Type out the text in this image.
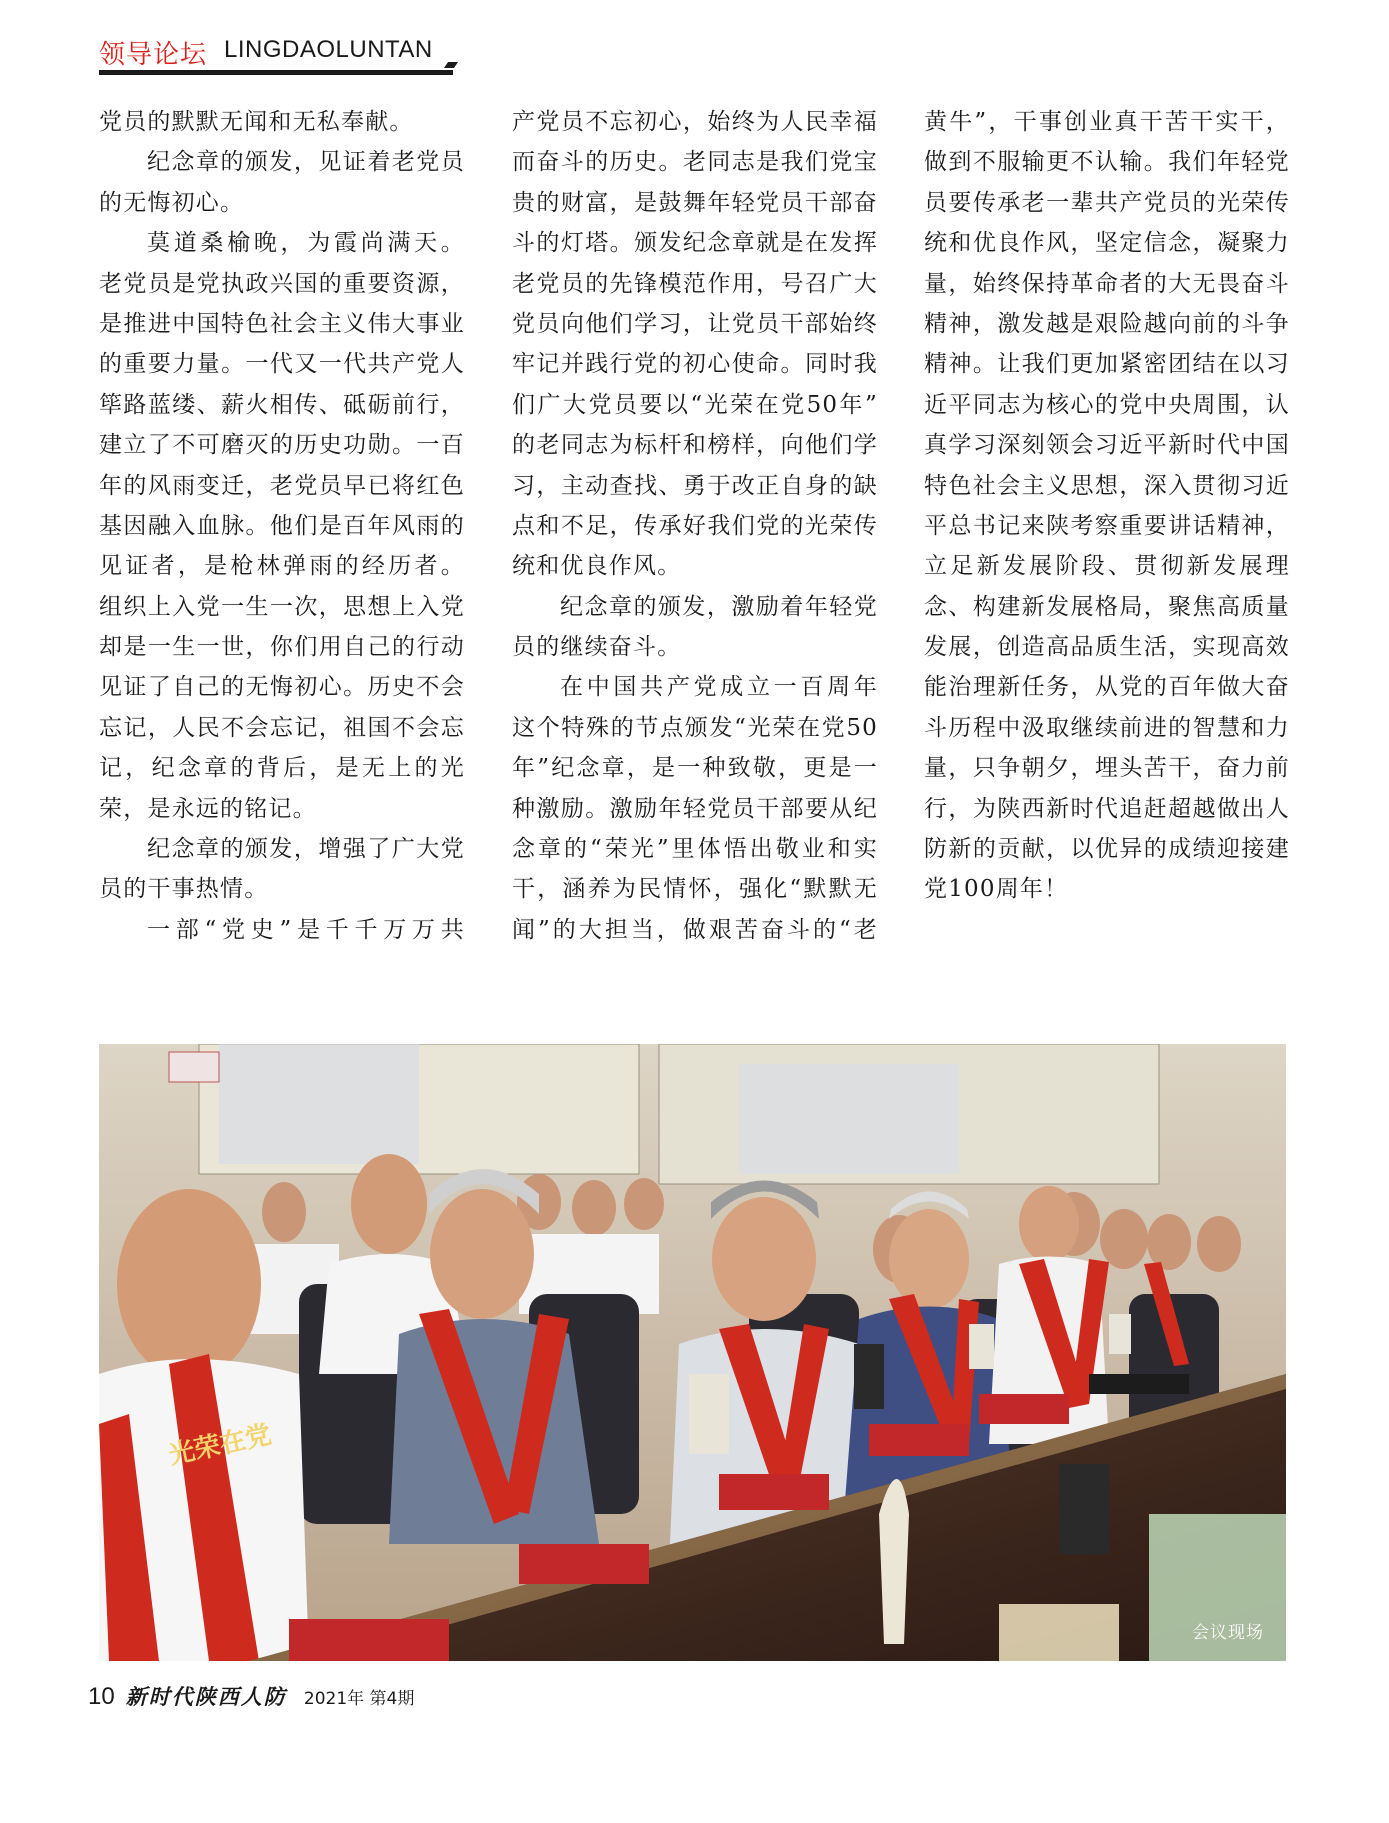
领导论坛 LINGDAOLUNTAN
党员的默默无闻和无私奉献。
纪念章的颁发，见证着老党员
的无悔初心。
莫道桑榆晚，为霞尚满天。
老党员是党执政兴国的重要资源，
是推进中国特色社会主义伟大事业
的重要力量。一代又一代共产党人
筚路蓝缕、薪火相传、砥砺前行，
建立了不可磨灭的历史功勋。一百
年的风雨变迁，老党员早已将红色
基因融入血脉。他们是百年风雨的
见证者，是枪林弹雨的经历者。
组织上入党一生一次，思想上入党
却是一生一世，你们用自己的行动
见证了自己的无悔初心。历史不会
忘记，人民不会忘记，祖国不会忘
记，纪念章的背后，是无上的光
荣，是永远的铭记。
纪念章的颁发，增强了广大党
员的干事热情。
一部“党史”是千千万万共
产党员不忘初心，始终为人民幸福
而奋斗的历史。老同志是我们党宝
贵的财富，是鼓舞年轻党员干部奋
斗的灯塔。颁发纪念章就是在发挥
老党员的先锋模范作用，号召广大
党员向他们学习，让党员干部始终
牢记并践行党的初心使命。同时我
们广大党员要以“光荣在党50年”
的老同志为标杆和榜样，向他们学
习，主动查找、勇于改正自身的缺
点和不足，传承好我们党的光荣传
统和优良作风。
纪念章的颁发，激励着年轻党
员的继续奋斗。
在中国共产党成立一百周年
这个特殊的节点颁发“光荣在党50
年”纪念章，是一种致敬，更是一
种激励。激励年轻党员干部要从纪
念章的“荣光”里体悟出敬业和实
干，涵养为民情怀，强化“默默无
闻”的大担当，做艰苦奋斗的“老
黄牛”，干事创业真干苦干实干，
做到不服输更不认输。我们年轻党
员要传承老一辈共产党员的光荣传
统和优良作风，坚定信念，凝聚力
量，始终保持革命者的大无畏奋斗
精神，激发越是艰险越向前的斗争
精神。让我们更加紧密团结在以习
近平同志为核心的党中央周围，认
真学习深刻领会习近平新时代中国
特色社会主义思想，深入贯彻习近
平总书记来陕考察重要讲话精神，
立足新发展阶段、贯彻新发展理
念、构建新发展格局，聚焦高质量
发展，创造高品质生活，实现高效
能治理新任务，从党的百年做大奋
斗历程中汲取继续前进的智慧和力
量，只争朝夕，埋头苦干，奋力前
行，为陕西新时代追赶超越做出人
防新的贡献，以优异的成绩迎接建
党100周年！
光荣在党
会议现场
10 新时代陕西人防 2021年 第4期
